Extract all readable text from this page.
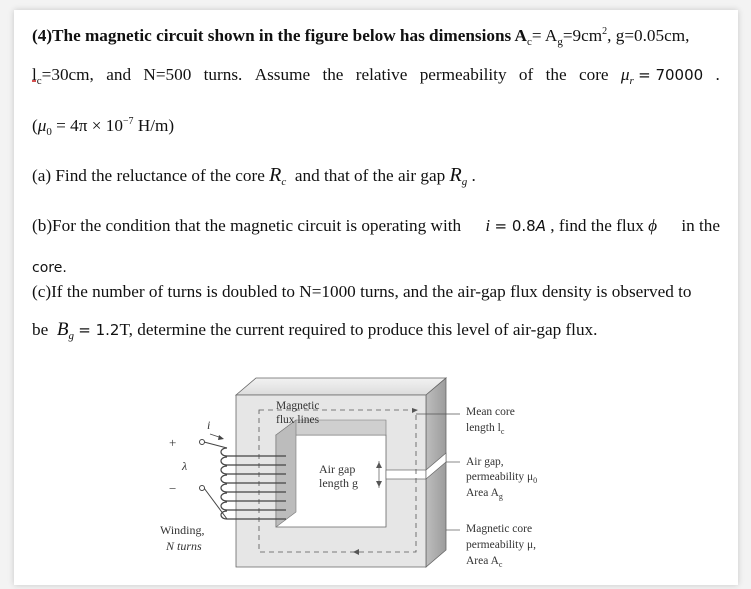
(4)The magnetic circuit shown in the figure below has dimensions $A_c= A_g=9cm^2$, g=0.05cm,
$l_c=30cm$, and N=500 turns. Assume the relative permeability of the core $\mu_r = 70000$ .
($\mu_0 = 4\pi \times 10^{-7}$ H/m)
(a) Find the reluctance of the core $R_c$ and that of the air gap $R_g$ .
(b)For the condition that the magnetic circuit is operating with i = 0.8A , find the flux ϕ in the
core.
(c)If the number of turns is doubled to N=1000 turns, and the air-gap flux density is observed to
be $B_g = 1.2T$, determine the current required to produce this level of air-gap flux.
Magnetic
flux lines
i
+
λ
−
Winding,
N turns
Air gap
length g
Mean core
length $l_c$
Air gap,
permeability $\mu_0$
Area $A_g$
Magnetic core
permeability μ,
Area $A_c$
